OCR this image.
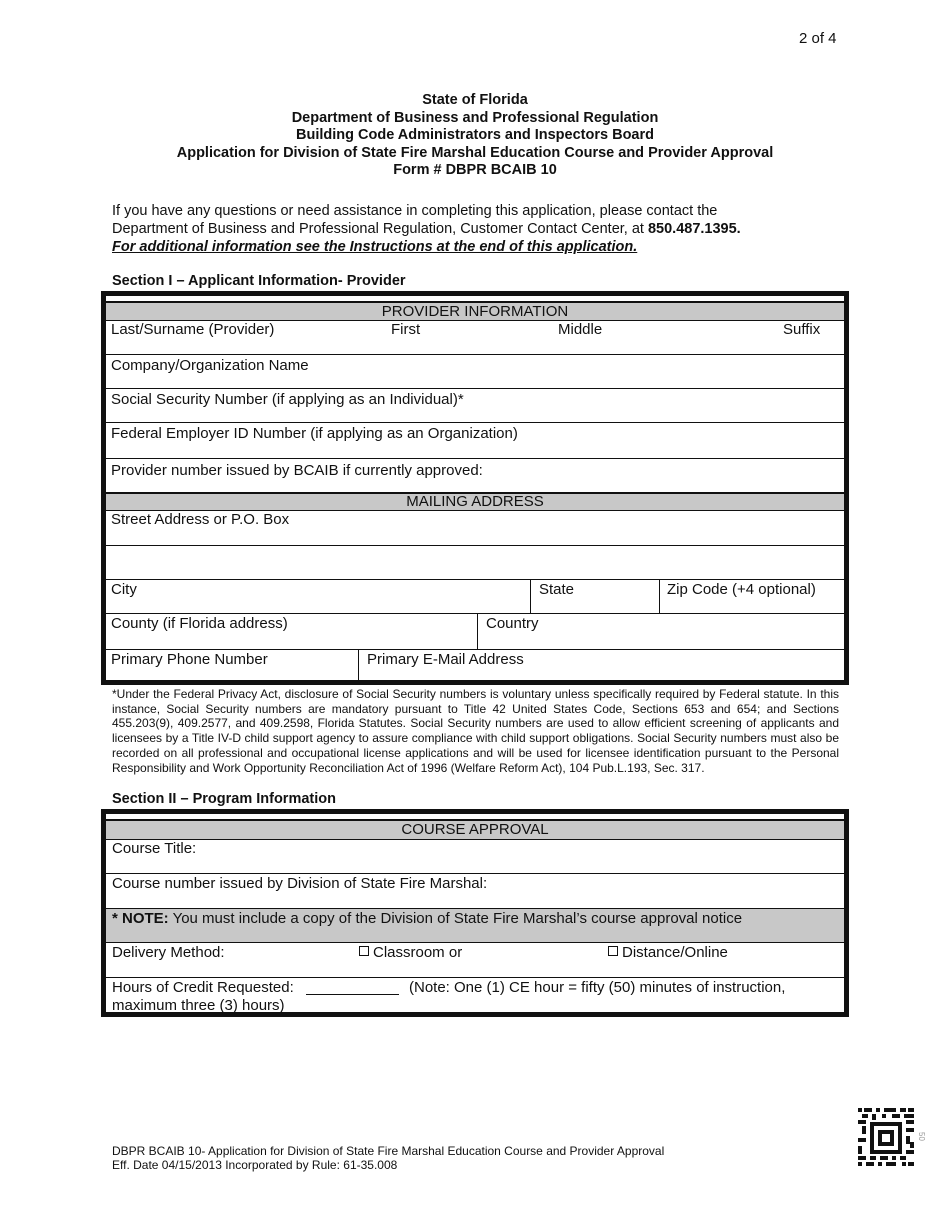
2 of 4
State of Florida
Department of Business and Professional Regulation
Building Code Administrators and Inspectors Board
Application for Division of State Fire Marshal Education Course and Provider Approval
Form # DBPR BCAIB 10
If you have any questions or need assistance in completing this application, please contact the
Department of Business and Professional Regulation, Customer Contact Center, at 850.487.1395.
For additional information see the Instructions at the end of this application.
Section I – Applicant Information- Provider
PROVIDER INFORMATION
Last/Surname (Provider)	First	Middle	Suffix
Company/Organization Name
Social Security Number (if applying as an Individual)*
Federal Employer ID Number (if applying as an Organization)
Provider number issued by BCAIB if currently approved:
MAILING ADDRESS
Street Address or P.O. Box
City	State	Zip Code (+4 optional)
County (if Florida address)	Country
Primary Phone Number	Primary E-Mail Address
*Under the Federal Privacy Act, disclosure of Social Security numbers is voluntary unless specifically required by Federal statute. In this instance, Social Security numbers are mandatory pursuant to Title 42 United States Code, Sections 653 and 654; and Sections 455.203(9), 409.2577, and 409.2598, Florida Statutes. Social Security numbers are used to allow efficient screening of applicants and licensees by a Title IV-D child support agency to assure compliance with child support obligations. Social Security numbers must also be recorded on all professional and occupational license applications and will be used for licensee identification pursuant to the Personal Responsibility and Work Opportunity Reconciliation Act of 1996 (Welfare Reform Act), 104 Pub.L.193, Sec. 317.
Section II – Program Information
COURSE APPROVAL
Course Title:
Course number issued by Division of State Fire Marshal:
* NOTE: You must include a copy of the Division of State Fire Marshal’s course approval notice
Delivery Method:	Classroom or	Distance/Online
Hours of Credit Requested:	(Note: One (1) CE hour = fifty (50) minutes of instruction,
maximum three (3) hours)
DBPR BCAIB 10- Application for Division of State Fire Marshal Education Course and Provider Approval
Eff. Date 04/15/2013 Incorporated by Rule: 61-35.008
50
